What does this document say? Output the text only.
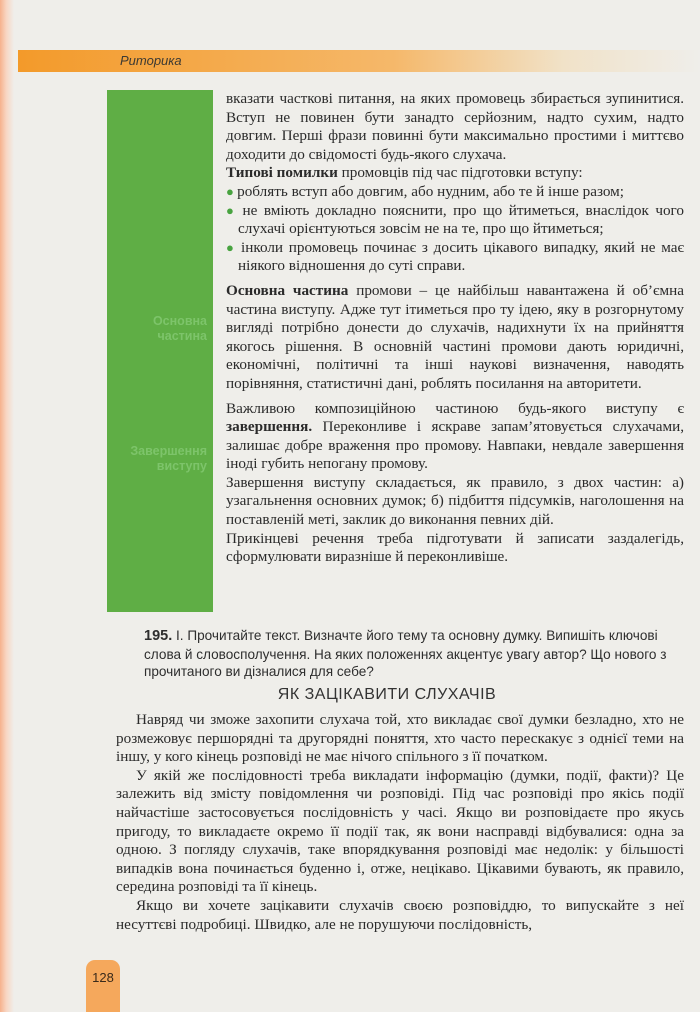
Риторика
Основна
частина
Завершення
виступу

вказати часткові питання, на яких промовець збирається зупинитися. Вступ не повинен бути занадто серйозним, надто сухим, надто довгим. Перші фрази повинні бути максимально простими і миттєво доходити до свідомості будь-якого слухача.

Типові помилки промовців під час підготовки вступу:

● роблять вступ або довгим, або нудним, або те й інше разом;

● не вміють докладно пояснити, про що йтиметься, внаслідок чого слухачі орієнтуються зовсім не на те, про що йтиметься;

● інколи промовець починає з досить цікавого випадку, який не має ніякого відношення до суті справи.

Основна частина промови – це найбільш навантажена й об’ємна частина виступу. Адже тут ітиметься про ту ідею, яку в розгорнутому вигляді потрібно донести до слухачів, надихнути їх на прийняття якогось рішення. В основній частині промови дають юридичні, економічні, політичні та інші наукові визначення, наводять порівняння, статистичні дані, роблять посилання на авторитети.

Важливою композиційною частиною будь-якого виступу є завершення. Переконливе і яскраве запам’ятовується слухачами, залишає добре враження про промову. Навпаки, невдале завершення іноді губить непогану промову.

Завершення виступу складається, як правило, з двох частин: а) узагальнення основних думок; б) підбиття підсумків, наголошення на поставленій меті, заклик до виконання певних дій.

Прикінцеві речення треба підготувати й записати заздалегідь, сформулювати виразніше й переконливіше.

195. І. Прочитайте текст. Визначте його тему та основну думку. Випишіть ключові слова й словосполучення. На яких положеннях акцентує увагу автор? Що нового з прочитаного ви дізналися для себе?
ЯК ЗАЦІКАВИТИ СЛУХАЧІВ

Навряд чи зможе захопити слухача той, хто викладає свої думки безладно, хто не розмежовує першорядні та другорядні поняття, хто часто перескакує з однієї теми на іншу, у кого кінець розповіді не має нічого спільного з її початком.

У якій же послідовності треба викладати інформацію (думки, події, факти)? Це залежить від змісту повідомлення чи розповіді. Під час розповіді про якісь події найчастіше застосовується послідовність у часі. Якщо ви розповідаєте про якусь пригоду, то викладаєте окремо її події так, як вони насправді відбувалися: одна за одною. З погляду слухачів, таке впорядкування розповіді має недолік: у більшості випадків вона починається буденно і, отже, нецікаво. Цікавими бувають, як правило, середина розповіді та її кінець.

Якщо ви хочете зацікавити слухачів своєю розповіддю, то випускайте з неї несуттєві подробиці. Швидко, але не порушуючи послідовність,

128
